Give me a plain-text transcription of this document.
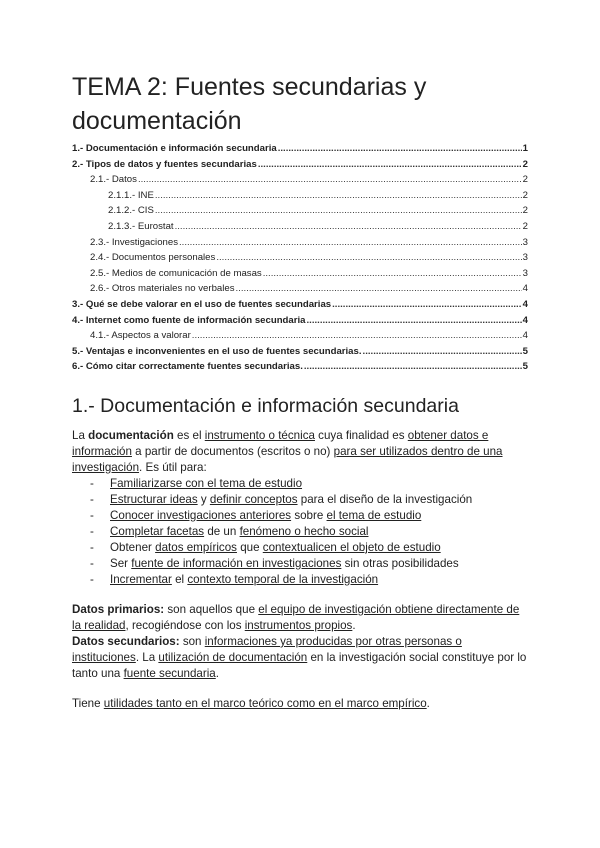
TEMA 2: Fuentes secundarias y documentación
1.- Documentación e información secundaria .....	1
2.- Tipos de datos y fuentes secundarias .....	2
2.1.- Datos .....	2
2.1.1.- INE .....	2
2.1.2.- CIS .....	2
2.1.3.- Eurostat .....	2
2.3.- Investigaciones .....	3
2.4.- Documentos personales .....	3
2.5.- Medios de comunicación de masas .....	3
2.6.- Otros materiales no verbales .....	4
3.- Qué se debe valorar en el uso de fuentes secundarias .....	4
4.- Internet como fuente de información secundaria .....	4
4.1.- Aspectos a valorar .....	4
5.- Ventajas e inconvenientes en el uso de fuentes secundarias. .....	5
6.- Cómo citar correctamente fuentes secundarias. .....	5
1.- Documentación e información secundaria

La documentación es el instrumento o técnica cuya finalidad es obtener datos e información a partir de documentos (escritos o no) para ser utilizados dentro de una investigación. Es útil para:

- Familiarizarse con el tema de estudio
- Estructurar ideas y definir conceptos para el diseño de la investigación
- Conocer investigaciones anteriores sobre el tema de estudio
- Completar facetas de un fenómeno o hecho social
- Obtener datos empíricos que contextualicen el objeto de estudio
- Ser fuente de información en investigaciones sin otras posibilidades
- Incrementar el contexto temporal de la investigación

Datos primarios: son aquellos que el equipo de investigación obtiene directamente de la realidad, recogiéndose con los instrumentos propios.

Datos secundarios: son informaciones ya producidas por otras personas o instituciones. La utilización de documentación en la investigación social constituye por lo tanto una fuente secundaria.

Tiene utilidades tanto en el marco teórico como en el marco empírico.
